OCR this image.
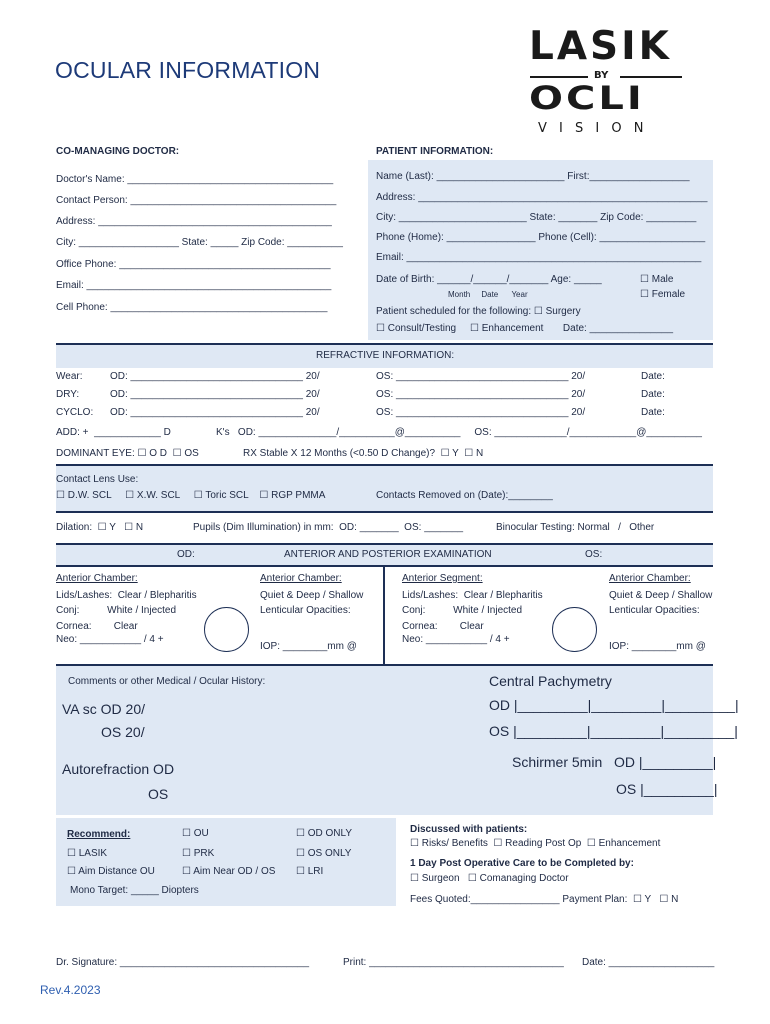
OCULAR INFORMATION
LASIK
BY
OCLI
V I S I O N
CO-MANAGING DOCTOR:
Doctor's Name: _____________________________________
Contact Person: _____________________________________
Address: __________________________________________
City: __________________ State: _____ Zip Code: __________
Office Phone: ______________________________________
Email: ____________________________________________
Cell Phone: _______________________________________
PATIENT INFORMATION:
Name (Last): _______________________ First:__________________
Address: ____________________________________________________
City: _______________________ State: _______ Zip Code: _________
Phone (Home): ________________ Phone (Cell): ___________________
Email: _____________________________________________________
Date of Birth: ______/______/_______ Age: _____
Month     Date      Year
☐ Male
☐ Female
Patient scheduled for the following: ☐ Surgery
☐ Consult/Testing     ☐ Enhancement       Date: _______________
REFRACTIVE INFORMATION:
Wear:	OD: _______________________________ 20/	OS: _______________________________ 20/	Date:
DRY:	OD: _______________________________ 20/	OS: _______________________________ 20/	Date:
CYCLO: OD: _______________________________ 20/	OS: _______________________________ 20/	Date:
ADD: +  ____________ D	K's   OD: ______________/__________@__________     OS: _____________/____________@__________
DOMINANT EYE: ☐ O D  ☐ OS	RX Stable X 12 Months (<0.50 D Change)?  ☐ Y  ☐ N
Contact Lens Use:
☐ D.W. SCL     ☐ X.W. SCL     ☐ Toric SCL    ☐ RGP PMMA	Contacts Removed on (Date):________
Dilation:  ☐ Y   ☐ N	Pupils (Dim Illumination) in mm:  OD: _______  OS: _______	Binocular Testing: Normal   /   Other
OD:	ANTERIOR AND POSTERIOR EXAMINATION	OS:
Anterior Chamber:
Lids/Lashes:  Clear / Blepharitis
Conj:          White / Injected
Cornea:        Clear
Neo: ___________ / 4 +
Anterior Chamber:
Quiet & Deep / Shallow
Lenticular Opacities:
IOP: ________mm @
Anterior Segment:
Lids/Lashes:  Clear / Blepharitis
Conj:          White / Injected
Cornea:        Clear
Neo: ___________ / 4 +
Anterior Chamber:
Quiet & Deep / Shallow
Lenticular Opacities:
IOP: ________mm @
Comments or other Medical / Ocular History:
VA sc OD 20/
OS 20/
Autorefraction OD
OS
Central Pachymetry
OD |_________|_________|_________|
OS |_________|_________|_________|
Schirmer 5min OD |_________|
OS |_________|
Recommend:	☐ OU	☐ OD ONLY
☐ LASIK	☐ PRK	☐ OS ONLY
☐ Aim Distance OU	☐ Aim Near OD / OS ☐ LRI
Mono Target: _____ Diopters
Discussed with patients:
☐ Risks/ Benefits  ☐ Reading Post Op  ☐ Enhancement
1 Day Post Operative Care to be Completed by:
☐ Surgeon   ☐ Comanaging Doctor
Fees Quoted:________________ Payment Plan:  ☐ Y   ☐ N
Dr. Signature: __________________________________	Print: ___________________________________ Date: ___________________
Rev.4.2023
